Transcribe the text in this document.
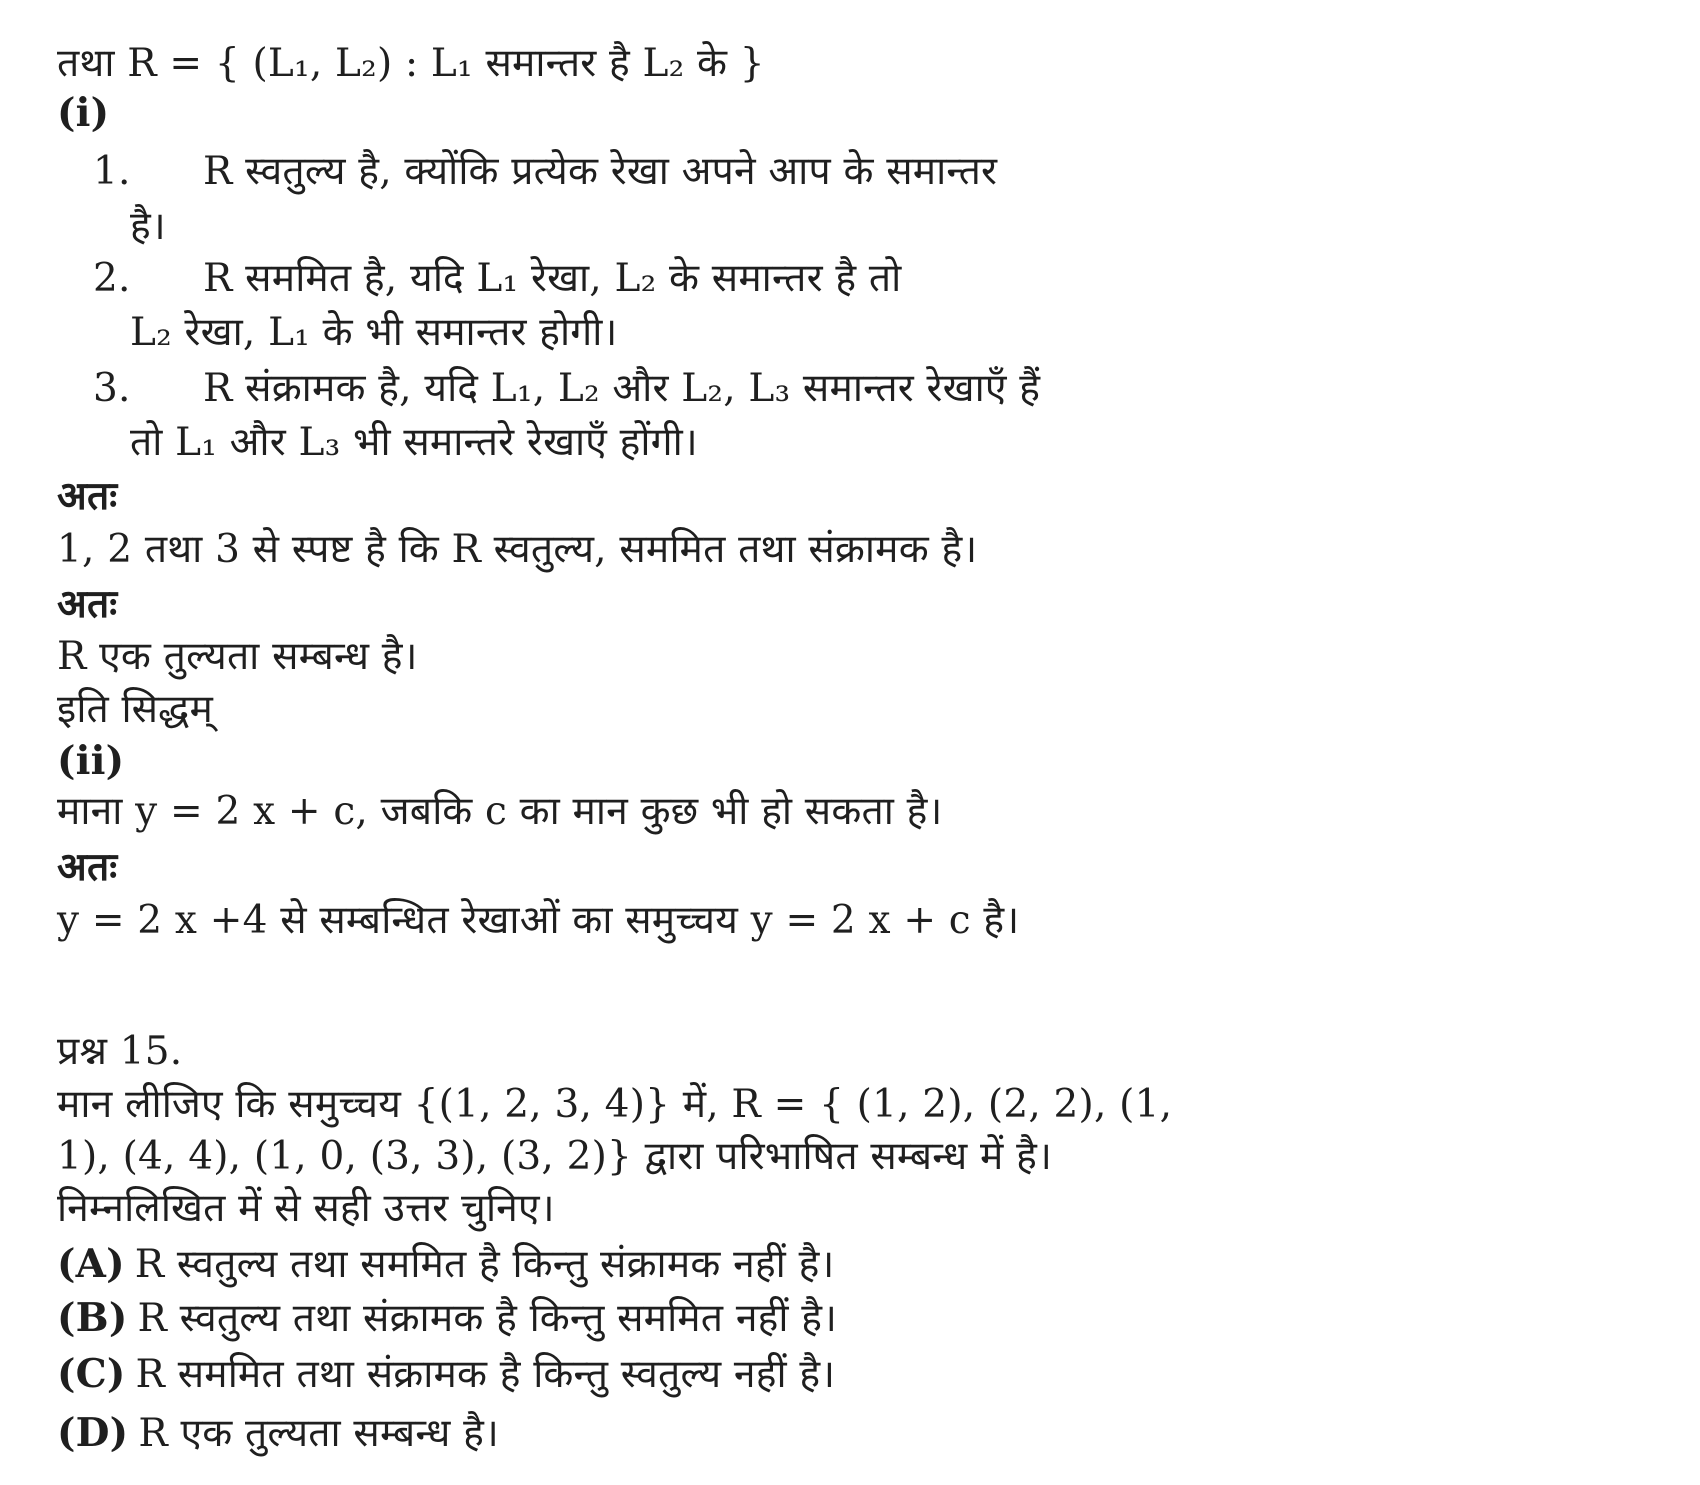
तथा R = { (L₁, L₂) : L₁ समान्तर है L₂ के }
(i)
1. R स्वतुल्य है, क्योंकि प्रत्येक रेखा अपने आप के समान्तर
है।
2. R सममित है, यदि L₁ रेखा, L₂ के समान्तर है तो
L₂ रेखा, L₁ के भी समान्तर होगी।
3. R संक्रामक है, यदि L₁, L₂ और L₂, L₃ समान्तर रेखाएँ हैं
तो L₁ और L₃ भी समान्तरे रेखाएँ होंगी।
अतः
1, 2 तथा 3 से स्पष्ट है कि R स्वतुल्य, सममित तथा संक्रामक है।
अतः
R एक तुल्यता सम्बन्ध है।
इति सिद्धम्
(ii)
माना y = 2 x + c, जबकि c का मान कुछ भी हो सकता है।
अतः
y = 2 x +4 से सम्बन्धित रेखाओं का समुच्चय y = 2 x + c है।
प्रश्न 15.
मान लीजिए कि समुच्चय {(1, 2, 3, 4)} में, R = { (1, 2), (2, 2), (1,
1), (4, 4), (1, 0, (3, 3), (3, 2)} द्वारा परिभाषित सम्बन्ध में है।
निम्नलिखित में से सही उत्तर चुनिए।
(A) R स्वतुल्य तथा सममित है किन्तु संक्रामक नहीं है।
(B) R स्वतुल्य तथा संक्रामक है किन्तु सममित नहीं है।
(C) R सममित तथा संक्रामक है किन्तु स्वतुल्य नहीं है।
(D) R एक तुल्यता सम्बन्ध है।
